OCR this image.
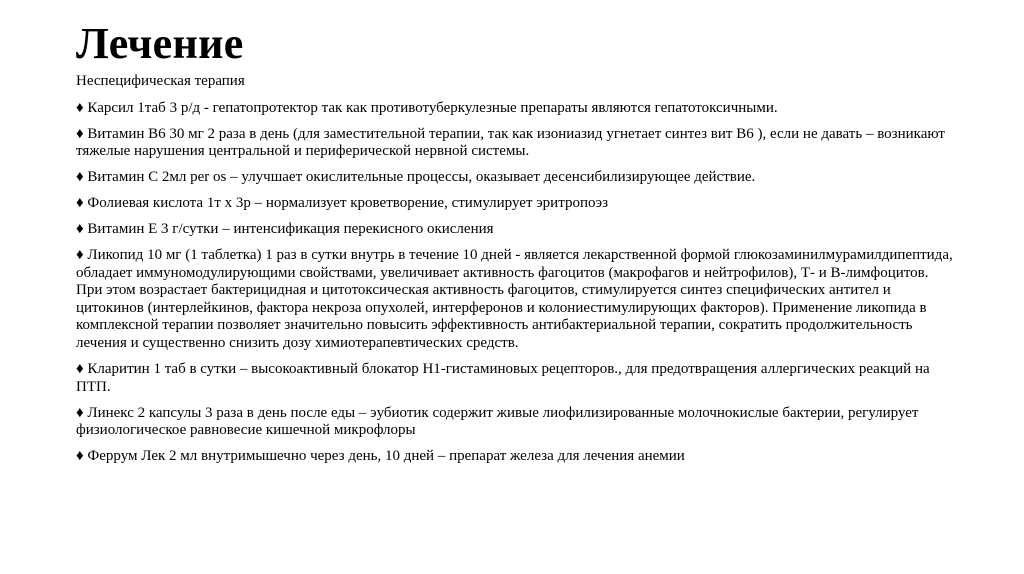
Лечение

Неспецифическая терапия

♦ Карсил 1таб 3 р/д - гепатопротектор так как противотуберкулезные препараты являются гепатотоксичными.

♦ Витамин В6 30 мг 2 раза в день (для заместительной терапии, так как изониазид угнетает синтез вит В6 ), если не давать – возникают тяжелые нарушения центральной и периферической нервной системы.

♦ Витамин С 2мл per os – улучшает окислительные процессы, оказывает десенсибилизирующее действие.

♦ Фолиевая кислота 1т х 3р – нормализует кроветворение, стимулирует эритропоэз

♦ Витамин Е 3 г/сутки – интенсификация перекисного окисления

♦ Ликопид 10 мг (1 таблетка) 1 раз в сутки внутрь в течение 10 дней - является лекарственной формой глюкозаминилмурамилдипептида, обладает иммуномодулирующими свойствами, увеличивает активность фагоцитов (макрофагов и нейтрофилов), Т- и В-лимфоцитов. При этом возрастает бактерицидная и цитотоксическая активность фагоцитов, стимулируется синтез специфических антител и цитокинов (интерлейкинов, фактора некроза опухолей, интерферонов и колониестимулирующих факторов). Применение ликопида в комплексной терапии позволяет значительно повысить эффективность антибактериальной терапии, сократить продолжительность лечения и существенно снизить дозу химиотерапевтических средств.

♦ Кларитин 1 таб в сутки – высокоактивный блокатор Н1-гистаминовых рецепторов., для предотвращения аллергических реакций на ПТП.

♦ Линекс 2 капсулы 3 раза в день после еды – эубиотик содержит живые лиофилизированные молочнокислые бактерии, регулирует физиологическое равновесие кишечной микрофлоры

♦ Феррум Лек 2 мл внутримышечно через день, 10 дней – препарат железа для лечения анемии
